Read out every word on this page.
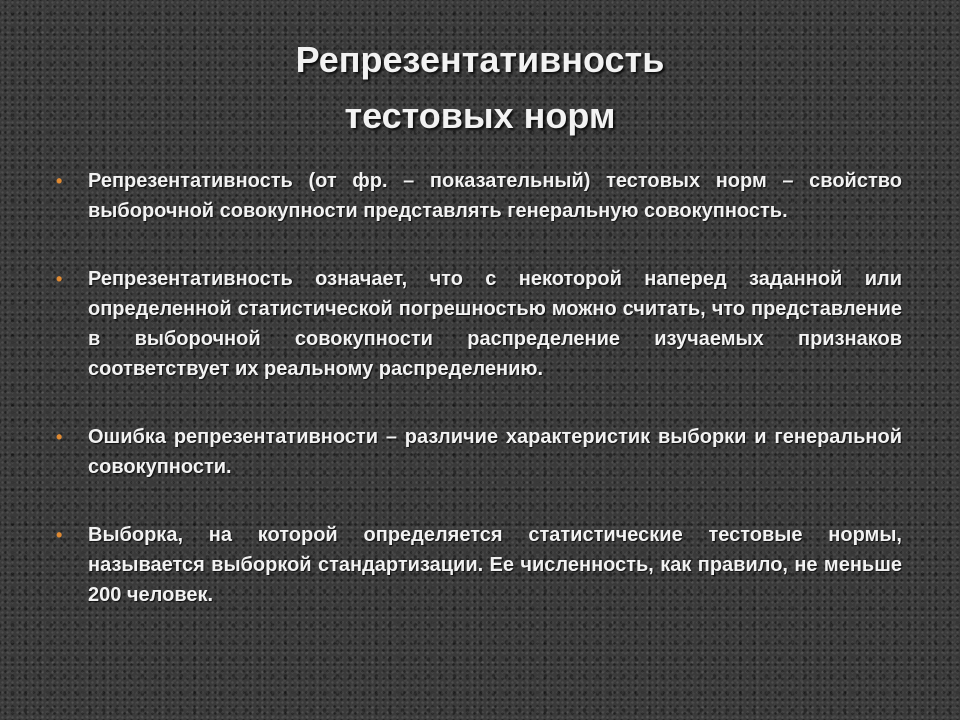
Репрезентативность
тестовых норм
• Репрезентативность (от фр. – показательный) тестовых норм – свойство выборочной совокупности представлять генеральную совокупность.
• Репрезентативность означает, что с некоторой наперед заданной или определенной статистической погрешностью можно считать, что представление в выборочной совокупности распределение изучаемых признаков соответствует их реальному распределению.
• Ошибка репрезентативности – различие характеристик выборки и генеральной совокупности.
• Выборка, на которой определяется статистические тестовые нормы, называется выборкой стандартизации. Ее численность, как правило, не меньше 200 человек.
